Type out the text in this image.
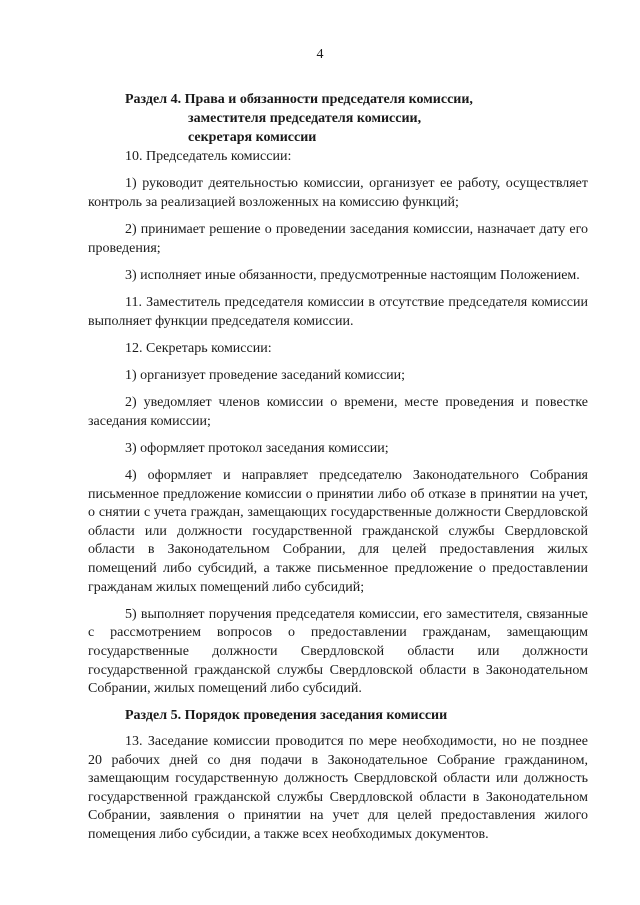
4
Раздел 4. Права и обязанности председателя комиссии,
заместителя председателя комиссии,
секретаря комиссии

10. Председатель комиссии:

1) руководит деятельностью комиссии, организует ее работу, осуществляет контроль за реализацией возложенных на комиссию функций;

2) принимает решение о проведении заседания комиссии, назначает дату его проведения;

3) исполняет иные обязанности, предусмотренные настоящим Положением.

11. Заместитель председателя комиссии в отсутствие председателя комиссии выполняет функции председателя комиссии.

12. Секретарь комиссии:

1) организует проведение заседаний комиссии;

2) уведомляет членов комиссии о времени, месте проведения и повестке заседания комиссии;

3) оформляет протокол заседания комиссии;

4) оформляет и направляет председателю Законодательного Собрания письменное предложение комиссии о принятии либо об отказе в принятии на учет, о снятии с учета граждан, замещающих государственные должности Свердловской области или должности государственной гражданской службы Свердловской области в Законодательном Собрании, для целей предоставления жилых помещений либо субсидий, а также письменное предложение о предоставлении гражданам жилых помещений либо субсидий;

5) выполняет поручения председателя комиссии, его заместителя, связанные с рассмотрением вопросов о предоставлении гражданам, замещающим государственные должности Свердловской области или должности государственной гражданской службы Свердловской области в Законодательном Собрании, жилых помещений либо субсидий.

Раздел 5. Порядок проведения заседания комиссии

13. Заседание комиссии проводится по мере необходимости, но не позднее 20 рабочих дней со дня подачи в Законодательное Собрание гражданином, замещающим государственную должность Свердловской области или должность государственной гражданской службы Свердловской области в Законодательном Собрании, заявления о принятии на учет для целей предоставления жилого помещения либо субсидии, а также всех необходимых документов.
